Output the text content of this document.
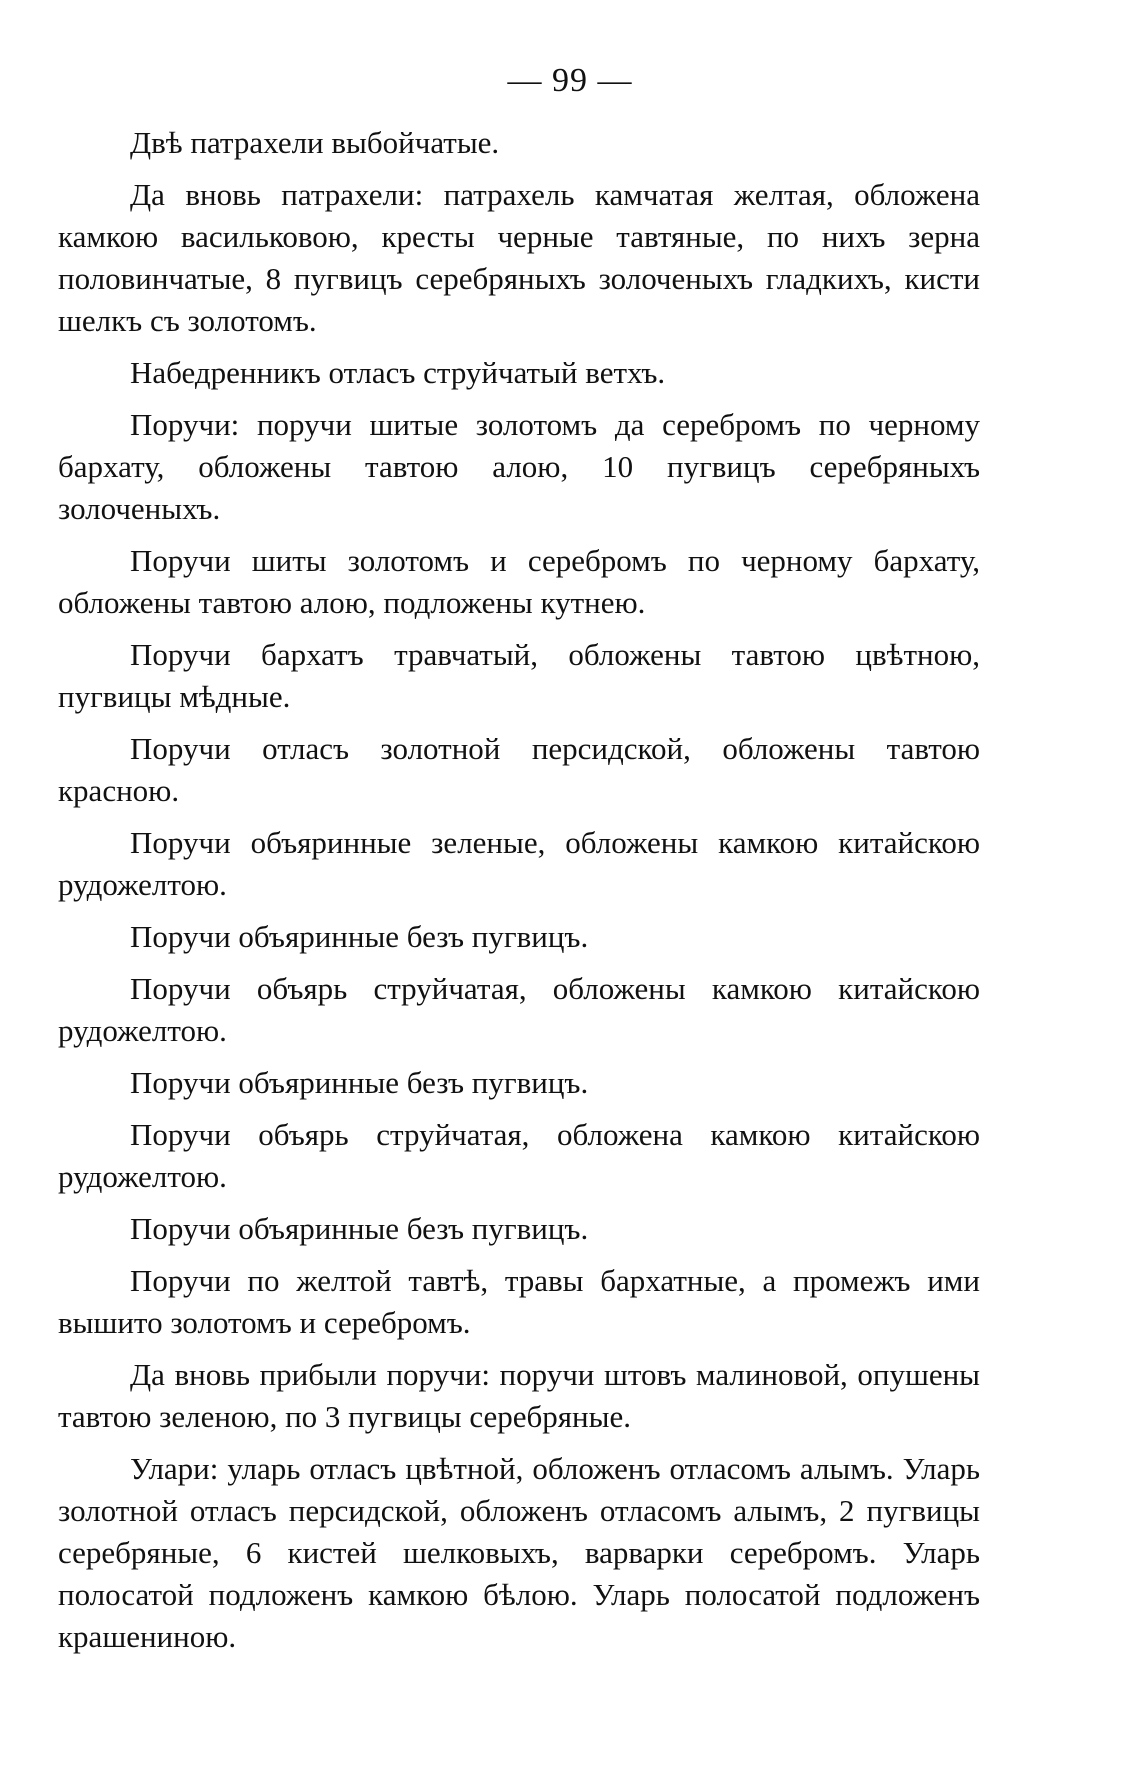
— 99 —

Двѣ патрахели выбойчатые.

Да вновь патрахели: патрахель камчатая желтая, обложена камкою васильковою, кресты черные тавтяные, по нихъ зерна половинчатые, 8 пугвицъ серебряныхъ золоченыхъ гладкихъ, кисти шелкъ съ золотомъ.

Набедренникъ отласъ струйчатый ветхъ.

Поручи: поручи шитые золотомъ да серебромъ по черному бархату, обложены тавтою алою, 10 пугвицъ серебряныхъ золоченыхъ.

Поручи шиты золотомъ и серебромъ по черному бархату, обложены тавтою алою, подложены кутнею.

Поручи бархатъ травчатый, обложены тавтою цвѣтною, пугвицы мѣдные.

Поручи отласъ золотной персидской, обложены тавтою красною.

Поручи объяринные зеленые, обложены камкою китайскою рудожелтою.

Поручи объяринные безъ пугвицъ.

Поручи объярь струйчатая, обложены камкою китайскою рудожелтою.

Поручи объяринные безъ пугвицъ.

Поручи объярь струйчатая, обложена камкою китайскою рудожелтою.

Поручи объяринные безъ пугвицъ.

Поручи по желтой тавтѣ, травы бархатные, а промежъ ими вышито золотомъ и серебромъ.

Да вновь прибыли поручи: поручи штовъ малиновой, опушены тавтою зеленою, по 3 пугвицы серебряные.

Улари: уларь отласъ цвѣтной, обложенъ отласомъ алымъ. Уларь золотной отласъ персидской, обложенъ отласомъ алымъ, 2 пугвицы серебряные, 6 кистей шелковыхъ, варварки серебромъ. Уларь полосатой подложенъ камкою бѣлою. Уларь полосатой подложенъ крашениною.
